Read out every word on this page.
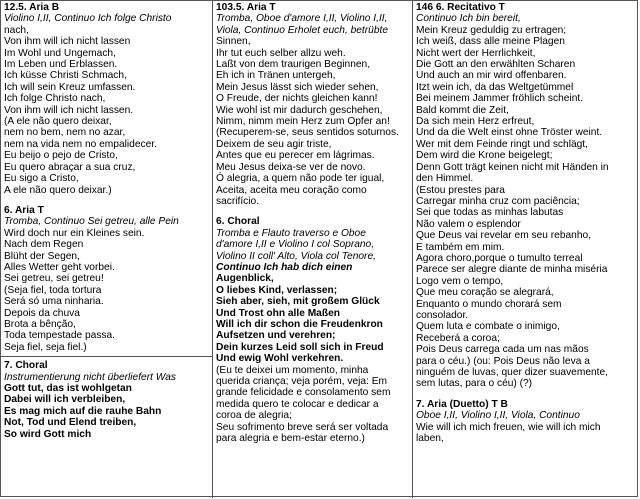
12.5. Aria B
Violino I,II, Continuo Ich folge Christo
nach,
Von ihm will ich nicht lassen
Im Wohl und Ungemach,
Im Leben und Erblassen.
Ich küsse Christi Schmach,
Ich will sein Kreuz umfassen.
Ich folge Christo nach,
Von ihm will ich nicht lassen.
(A ele não quero deixar,
nem no bem, nem no azar,
nem na vida nem no empalidecer.
Eu beijo o pejo de Cristo,
Eu quero abraçar a sua cruz,
Eu sigo a Cristo,
A ele não quero deixar.)
6. Aria T
Tromba, Continuo Sei getreu, alle Pein
Wird doch nur ein Kleines sein.
Nach dem Regen
Blüht der Segen,
Alles Wetter geht vorbei.
Sei getreu, sei getreu!
(Seja fiel, toda tortura
Será só uma ninharia.
Depois da chuva
Brota a bênção,
Toda tempestade passa.
Seja fiel, seja fiel.)
7. Choral
Instrumentierung nicht überliefert Was
Gott tut, das ist wohlgetan
Dabei will ich verbleiben,
Es mag mich auf die rauhe Bahn
Not, Tod und Elend treiben,
So wird Gott mich
103.5. Aria T
Tromba, Oboe d'amore I,II, Violino I,II,
Viola, Continuo Erholet euch, betrübte
Sinnen,
Ihr tut euch selber allzu weh.
Laßt von dem traurigen Beginnen,
Eh ich in Tränen untergeh,
Mein Jesus lässt sich wieder sehen,
O Freude, der nichts gleichen kann!
Wie wohl ist mir dadurch geschehen,
Nimm, nimm mein Herz zum Opfer an!
(Recuperem-se, seus sentidos soturnos.
Deixem de seu agir triste,
Antes que eu perecer em lágrimas.
Meu Jesus deixa-se ver de novo.
Ó alegria, a quem não pode ter igual,
Aceita, aceita meu coração como
sacrifício.
6. Choral
Tromba e Flauto traverso e Oboe
d'amore I,II e Violino I col Soprano,
Violino II coll' Alto, Viola col Tenore,
Continuo Ich hab dich einen
Augenblick,
O liebes Kind, verlassen;
Sieh aber, sieh, mit großem Glück
Und Trost ohn alle Maßen
Will ich dir schon die Freudenkron
Aufsetzen und verehren;
Dein kurzes Leid soll sich in Freud
Und ewig Wohl verkehren.
(Eu te deixei um momento, minha
querida criança; veja porém, veja: Em
grande felicidade e consolamento sem
medida quero te colocar e dedicar a
coroa de alegria;
Seu sofrimento breve será ser voltada
para alegria e bem-estar eterno.)
146 6. Recitativo T
Continuo Ich bin bereit,
Mein Kreuz geduldig zu ertragen;
Ich weiß, dass alle meine Plagen
Nicht wert der Herrlichkeit,
Die Gott an den erwählten Scharen
Und auch an mir wird offenbaren.
Itzt wein ich, da das Weltgetümmel
Bei meinem Jammer fröhlich scheint.
Bald kommt die Zeit,
Da sich mein Herz erfreut,
Und da die Welt einst ohne Tröster weint.
Wer mit dem Feinde ringt und schlägt,
Dem wird die Krone beigelegt;
Denn Gott trägt keinen nicht mit Händen in
den Himmel.
(Estou prestes para
Carregar minha cruz com paciência;
Sei que todas as minhas labutas
Não valem o esplendor
Que Deus vai revelar em seu rebanho,
E também em mim.
Agora choro,porque o tumulto terreal
Parece ser alegre diante de minha miséria
Logo vem o tempo,
Que meu coração se alegrará,
Enquanto o mundo chorará sem
consolador.
Quem luta e combate o inimigo,
Receberá a coroa;
Pois Deus carrega cada um nas mãos
para o céu.) (ou: Pois Deus não leva a
ninguém de luvas, quer dizer suavemente,
sem lutas, para o céu) (?)
7. Aria (Duetto) T B
Oboe I,II, Violino I,II, Viola, Continuo
Wie will ich mich freuen, wie will ich mich
laben,
